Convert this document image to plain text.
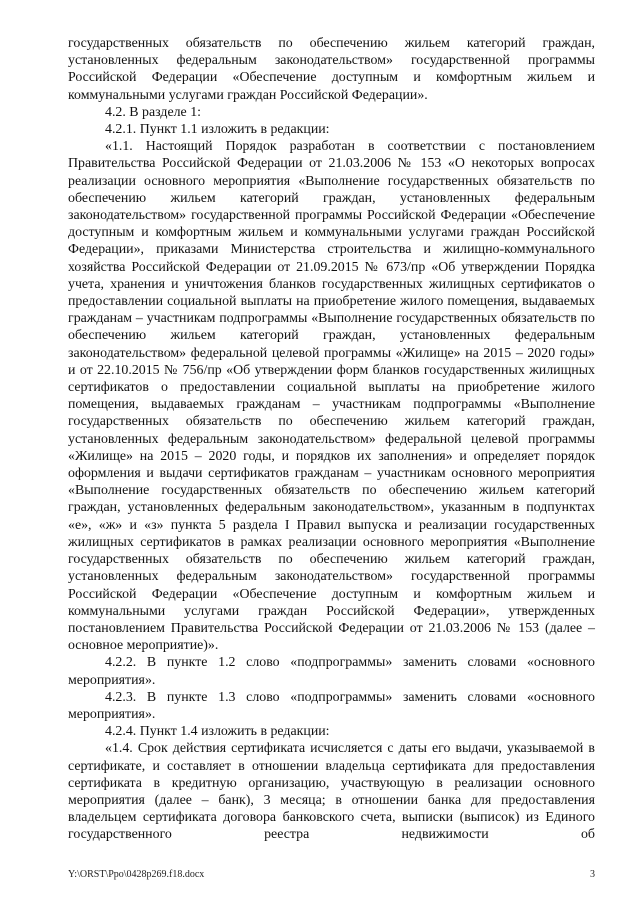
государственных обязательств по обеспечению жильем категорий граждан, установленных федеральным законодательством» государственной программы Российской Федерации «Обеспечение доступным и комфортным жильем и коммунальными услугами граждан Российской Федерации».

4.2. В разделе 1:

4.2.1. Пункт 1.1 изложить в редакции:

«1.1. Настоящий Порядок разработан в соответствии с постановлением Правительства Российской Федерации от 21.03.2006 № 153 «О некоторых вопросах реализации основного мероприятия «Выполнение государственных обязательств по обеспечению жильем категорий граждан, установленных федеральным законодательством» государственной программы Российской Федерации «Обеспечение доступным и комфортным жильем и коммунальными услугами граждан Российской Федерации», приказами Министерства строительства и жилищно-коммунального хозяйства Российской Федерации от 21.09.2015 № 673/пр «Об утверждении Порядка учета, хранения и уничтожения бланков государственных жилищных сертификатов о предоставлении социальной выплаты на приобретение жилого помещения, выдаваемых гражданам – участникам подпрограммы «Выполнение государственных обязательств по обеспечению жильем категорий граждан, установленных федеральным законодательством» федеральной целевой программы «Жилище» на 2015 – 2020 годы» и от 22.10.2015 № 756/пр «Об утверждении форм бланков государственных жилищных сертификатов о предоставлении социальной выплаты на приобретение жилого помещения, выдаваемых гражданам – участникам подпрограммы «Выполнение государственных обязательств по обеспечению жильем категорий граждан, установленных федеральным законодательством» федеральной целевой программы «Жилище» на 2015 – 2020 годы, и порядков их заполнения» и определяет порядок оформления и выдачи сертификатов гражданам – участникам основного мероприятия «Выполнение государственных обязательств по обеспечению жильем категорий граждан, установленных федеральным законодательством», указанным в подпунктах «е», «ж» и «з» пункта 5 раздела I Правил выпуска и реализации государственных жилищных сертификатов в рамках реализации основного мероприятия «Выполнение государственных обязательств по обеспечению жильем категорий граждан, установленных федеральным законодательством» государственной программы Российской Федерации «Обеспечение доступным и комфортным жильем и коммунальными услугами граждан Российской Федерации», утвержденных постановлением Правительства Российской Федерации от 21.03.2006 № 153 (далее – основное мероприятие)».

4.2.2. В пункте 1.2 слово «подпрограммы» заменить словами «основного мероприятия».

4.2.3. В пункте 1.3 слово «подпрограммы» заменить словами «основного мероприятия».

4.2.4. Пункт 1.4 изложить в редакции:

«1.4. Срок действия сертификата исчисляется с даты его выдачи, указываемой в сертификате, и составляет в отношении владельца сертификата для предоставления сертификата в кредитную организацию, участвующую в реализации основного мероприятия (далее – банк), 3 месяца; в отношении банка для предоставления владельцем сертификата договора банковского счета, выписки (выписок) из Единого государственного реестра недвижимости об

Y:\ORST\Ppo\0428p269.f18.docx	3
